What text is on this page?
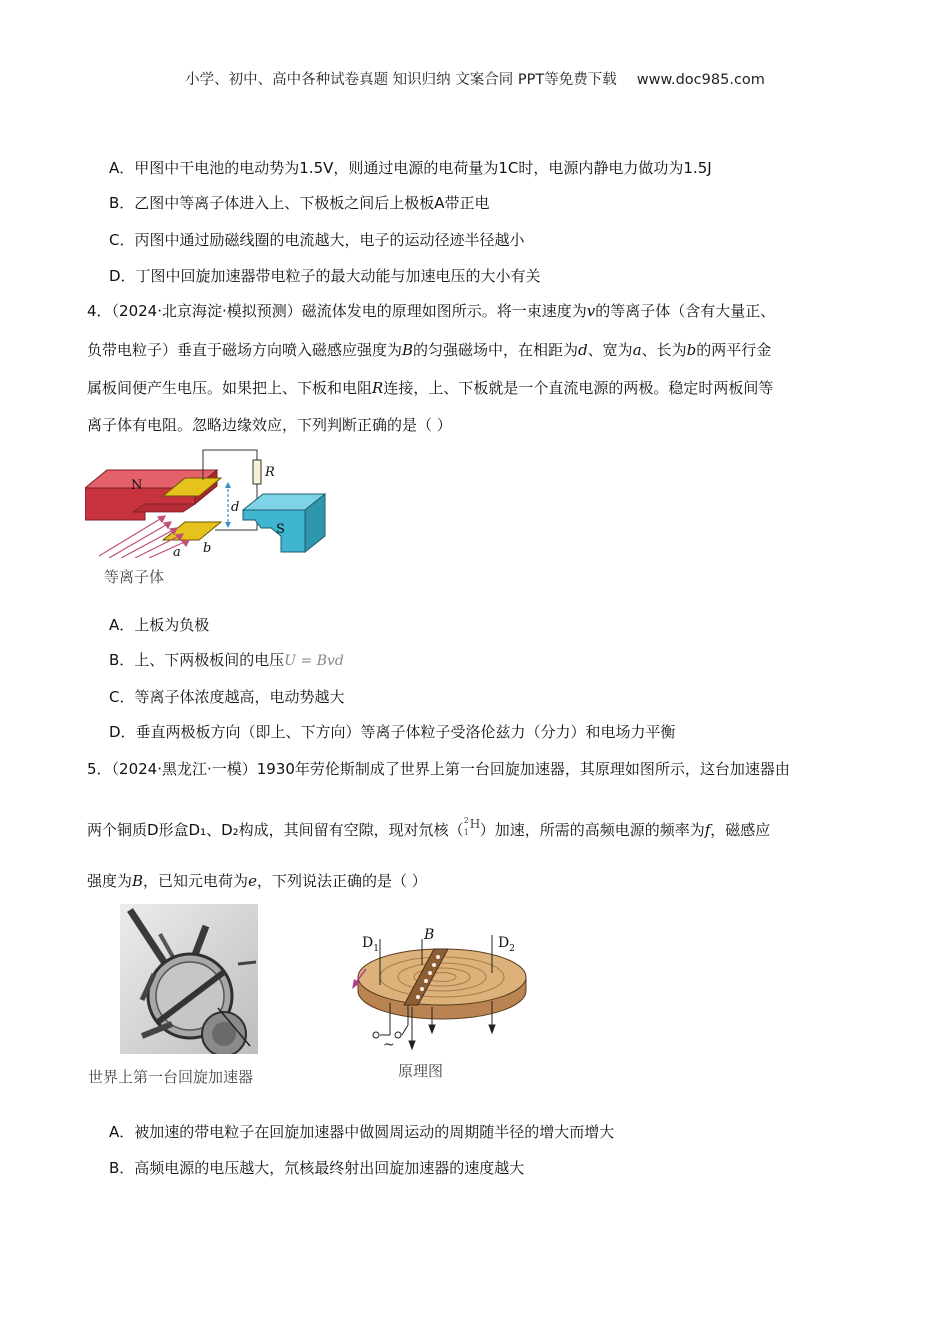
小学、初中、高中各种试卷真题 知识归纳 文案合同 PPT等免费下载 www.doc985.com
A．甲图中干电池的电动势为1.5V，则通过电源的电荷量为1C时，电源内静电力做功为1.5J
B．乙图中等离子体进入上、下极板之间后上极板A带正电
C．丙图中通过励磁线圈的电流越大，电子的运动径迹半径越小
D．丁图中回旋加速器带电粒子的最大动能与加速电压的大小有关
4．（2024·北京海淀·模拟预测）磁流体发电的原理如图所示。将一束速度为v的等离子体（含有大量正、
负带电粒子）垂直于磁场方向喷入磁感应强度为B的匀强磁场中，在相距为d、宽为a、长为b的两平行金
属板间便产生电压。如果把上、下板和电阻R连接，上、下板就是一个直流电源的两极。稳定时两板间等
离子体有电阻。忽略边缘效应，下列判断正确的是（ ）
N
R
d
S
a b
等离子体
A．上板为负极
B．上、下两极板间的电压U = Bvd
C．等离子体浓度越高，电动势越大
D．垂直两极板方向（即上、下方向）等离子体粒子受洛伦兹力（分力）和电场力平衡
5．（2024·黑龙江·一模）1930年劳伦斯制成了世界上第一台回旋加速器，其原理如图所示，这台加速器由
两个铜质D形盒D₁、D₂构成，其间留有空隙，现对氘核（
2
1
H ）加速，所需的高频电源的频率为f，磁感应
强度为B，已知元电荷为e，下列说法正确的是（ ）
世界上第一台回旋加速器
~
$D_1$
B	$D_2$
原理图
A．被加速的带电粒子在回旋加速器中做圆周运动的周期随半径的增大而增大
B．高频电源的电压越大，氘核最终射出回旋加速器的速度越大
